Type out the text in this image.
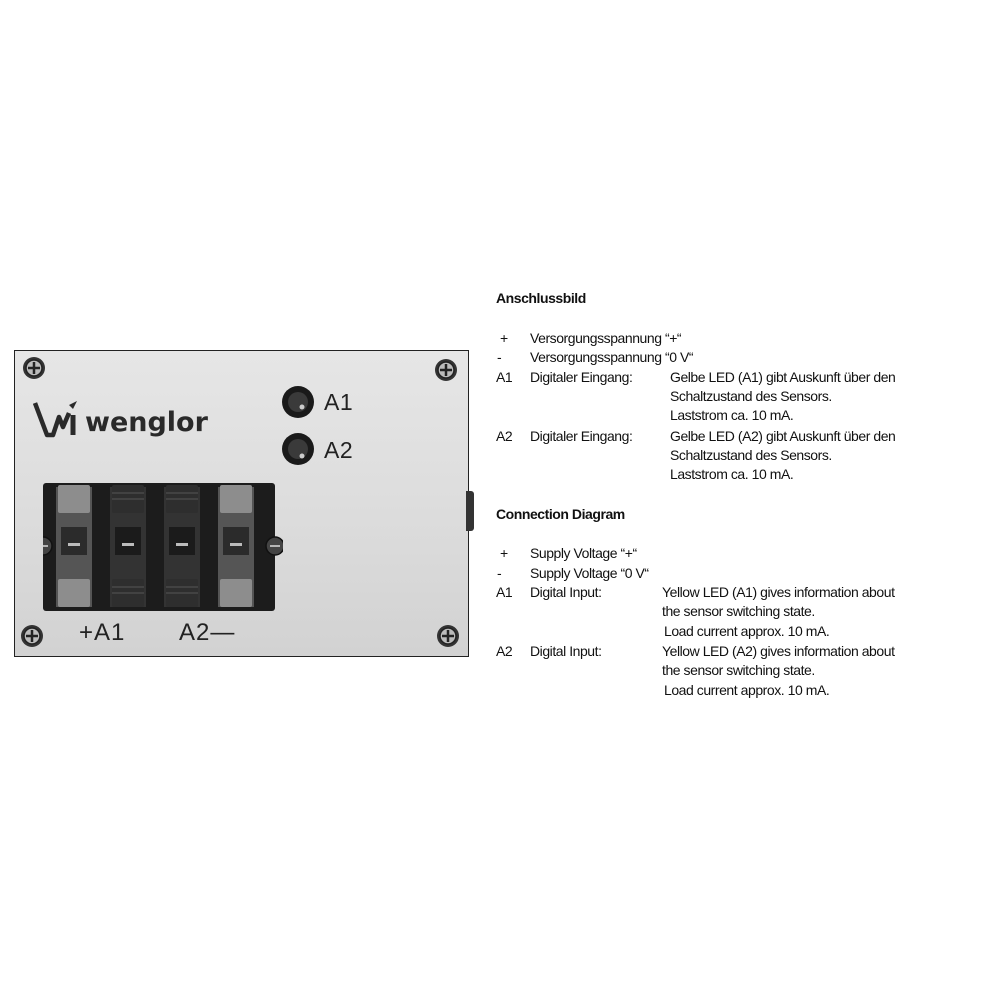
wenglor
A1
A2
+A1 A2—
Anschlussbild
+ Versorgungsspannung “+“
- Versorgungsspannung “0 V“
A1 Digitaler Eingang:	Gelbe LED (A1) gibt Auskunft über den
Schaltzustand des Sensors.
Laststrom ca. 10 mA.
A2 Digitaler Eingang:	Gelbe LED (A2) gibt Auskunft über den
Schaltzustand des Sensors.
Laststrom ca. 10 mA.
Connection Diagram
+ Supply Voltage “+“
- Supply Voltage “0 V“
A1 Digital Input:	Yellow LED (A1) gives information about
the sensor switching state.
Load current approx. 10 mA.
A2 Digital Input:	Yellow LED (A2) gives information about
the sensor switching state.
Load current approx. 10 mA.
